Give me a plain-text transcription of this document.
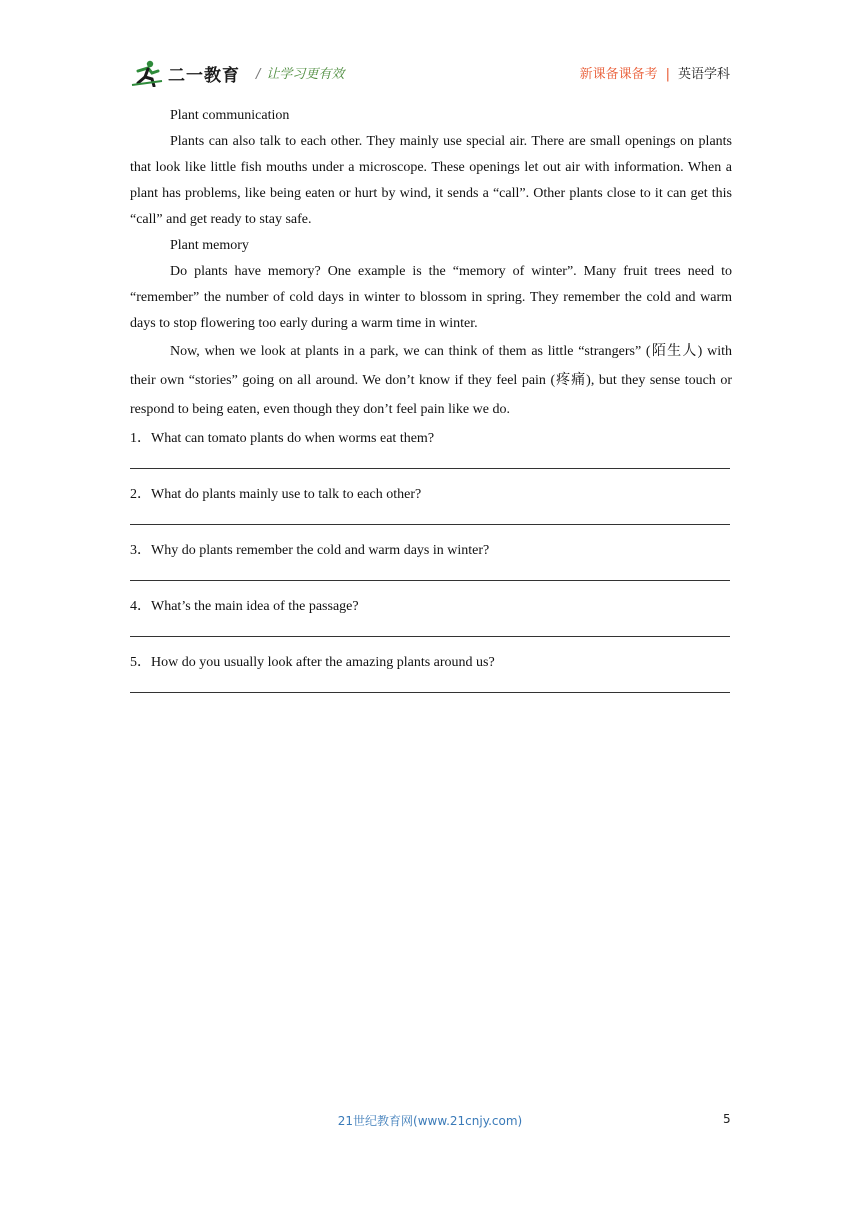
二一教育 / 让学习更有效	新课备课备考 | 英语学科

Plant communication

Plants can also talk to each other. They mainly use special air. There are small openings on plants that look like little fish mouths under a microscope. These openings let out air with information. When a plant has problems, like being eaten or hurt by wind, it sends a “call”. Other plants close to it can get this “call” and get ready to stay safe.

Plant memory

Do plants have memory? One example is the “memory of winter”. Many fruit trees need to “remember” the number of cold days in winter to blossom in spring. They remember the cold and warm days to stop flowering too early during a warm time in winter.

Now, when we look at plants in a park, we can think of them as little “strangers” (陌生人) with their own “stories” going on all around. We don’t know if they feel pain (疼痛), but they sense touch or respond to being eaten, even though they don’t feel pain like we do.

1．What can tomato plants do when worms eat them?

2．What do plants mainly use to talk to each other?

3．Why do plants remember the cold and warm days in winter?

4．What’s the main idea of the passage?

5．How do you usually look after the amazing plants around us?

21世纪教育网(www.21cnjy.com)	5
